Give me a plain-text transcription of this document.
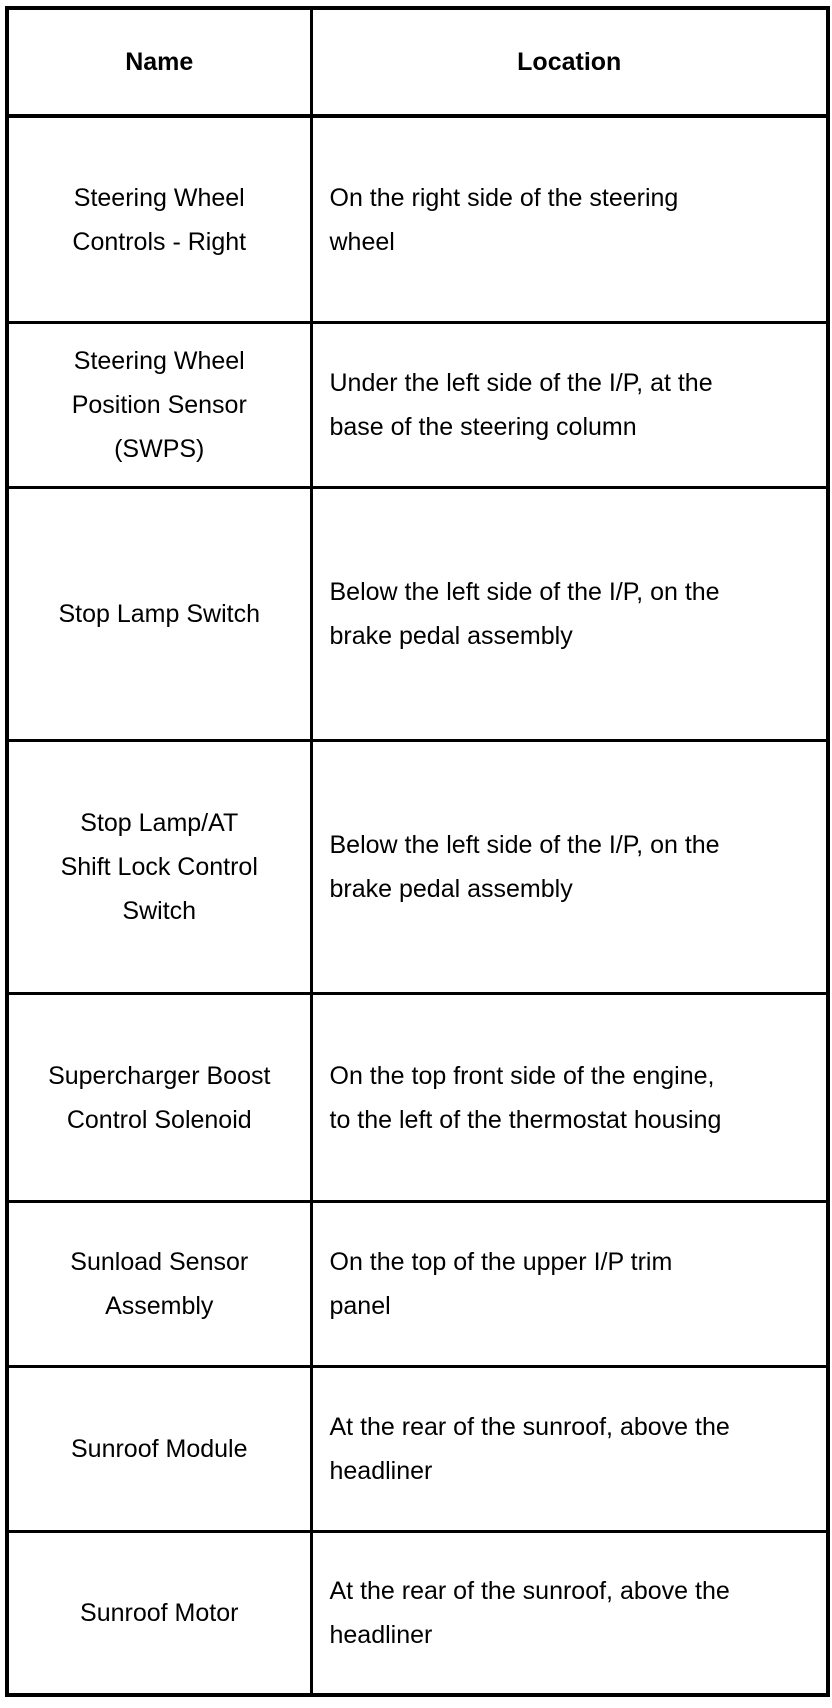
Name	Location

Steering Wheel
Controls - Right	On the right side of the steering
wheel

Steering Wheel
Position Sensor
(SWPS)	Under the left side of the I/P, at the
base of the steering column

Stop Lamp Switch	Below the left side of the I/P, on the
brake pedal assembly

Stop Lamp/AT
Shift Lock Control
Switch	Below the left side of the I/P, on the
brake pedal assembly

Supercharger Boost
Control Solenoid	On the top front side of the engine,
to the left of the thermostat housing

Sunload Sensor
Assembly	On the top of the upper I/P trim
panel

Sunroof Module	At the rear of the sunroof, above the
headliner

Sunroof Motor	At the rear of the sunroof, above the
headliner
